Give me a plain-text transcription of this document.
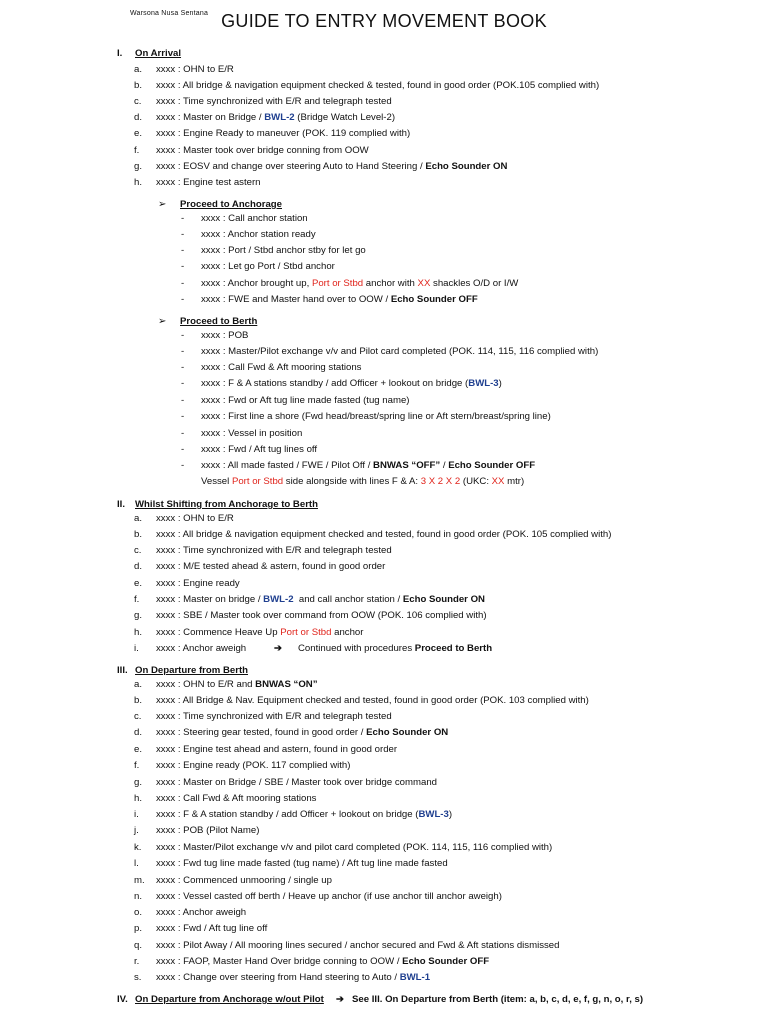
Warsona Nusa Sentana GUIDE TO ENTRY MOVEMENT BOOK
I. On Arrival
a. xxxx : OHN to E/R
b. xxxx : All bridge & navigation equipment checked & tested, found in good order (POK.105 complied with)
c. xxxx : Time synchronized with E/R and telegraph tested
d. xxxx : Master on Bridge / BWL-2 (Bridge Watch Level-2)
e. xxxx : Engine Ready to maneuver (POK. 119 complied with)
f. xxxx : Master took over bridge conning from OOW
g. xxxx : EOSV and change over steering Auto to Hand Steering / Echo Sounder ON
h. xxxx : Engine test astern
➢ Proceed to Anchorage
- xxxx : Call anchor station
- xxxx : Anchor station ready
- xxxx : Port / Stbd anchor stby for let go
- xxxx : Let go Port / Stbd anchor
- xxxx : Anchor brought up, Port or Stbd anchor with XX shackles O/D or I/W
- xxxx : FWE and Master hand over to OOW / Echo Sounder OFF
➢ Proceed to Berth
- xxxx : POB
- xxxx : Master/Pilot exchange v/v and Pilot card completed (POK. 114, 115, 116 complied with)
- xxxx : Call Fwd & Aft mooring stations
- xxxx : F & A stations standby / add Officer + lookout on bridge (BWL-3)
- xxxx : Fwd or Aft tug line made fasted (tug name)
- xxxx : First line a shore (Fwd head/breast/spring line or Aft stern/breast/spring line)
- xxxx : Vessel in position
- xxxx : Fwd / Aft tug lines off
- xxxx : All made fasted / FWE / Pilot Off / BNWAS “OFF” / Echo Sounder OFF
Vessel Port or Stbd side alongside with lines F & A: 3 X 2 X 2 (UKC: XX mtr)
II. Whilst Shifting from Anchorage to Berth
a. xxxx : OHN to E/R
b. xxxx : All bridge & navigation equipment checked and tested, found in good order (POK. 105 complied with)
c. xxxx : Time synchronized with E/R and telegraph tested
d. xxxx : M/E tested ahead & astern, found in good order
e. xxxx : Engine ready
f. xxxx : Master on bridge / BWL-2  and call anchor station / Echo Sounder ON
g. xxxx : SBE / Master took over command from OOW (POK. 106 complied with)
h. xxxx : Commence Heave Up Port or Stbd anchor
i. xxxx : Anchor aweigh	➔ Continued with procedures Proceed to Berth
III. On Departure from Berth
a. xxxx : OHN to E/R and BNWAS “ON”
b. xxxx : All Bridge & Nav. Equipment checked and tested, found in good order (POK. 103 complied with)
c. xxxx : Time synchronized with E/R and telegraph tested
d. xxxx : Steering gear tested, found in good order / Echo Sounder ON
e. xxxx : Engine test ahead and astern, found in good order
f. xxxx : Engine ready (POK. 117 complied with)
g. xxxx : Master on Bridge / SBE / Master took over bridge command
h. xxxx : Call Fwd & Aft mooring stations
i. xxxx : F & A station standby / add Officer + lookout on bridge (BWL-3)
j. xxxx : POB (Pilot Name)
k. xxxx : Master/Pilot exchange v/v and pilot card completed (POK. 114, 115, 116 complied with)
l. xxxx : Fwd tug line made fasted (tug name) / Aft tug line made fasted
m. xxxx : Commenced unmooring / single up
n. xxxx : Vessel casted off berth / Heave up anchor (if use anchor till anchor aweigh)
o. xxxx : Anchor aweigh
p. xxxx : Fwd / Aft tug line off
q. xxxx : Pilot Away / All mooring lines secured / anchor secured and Fwd & Aft stations dismissed
r. xxxx : FAOP, Master Hand Over bridge conning to OOW / Echo Sounder OFF
s. xxxx : Change over steering from Hand steering to Auto / BWL-1
IV. On Departure from Anchorage w/out Pilot ➔ See III. On Departure from Berth (item: a, b, c, d, e, f, g, n, o, r, s)
